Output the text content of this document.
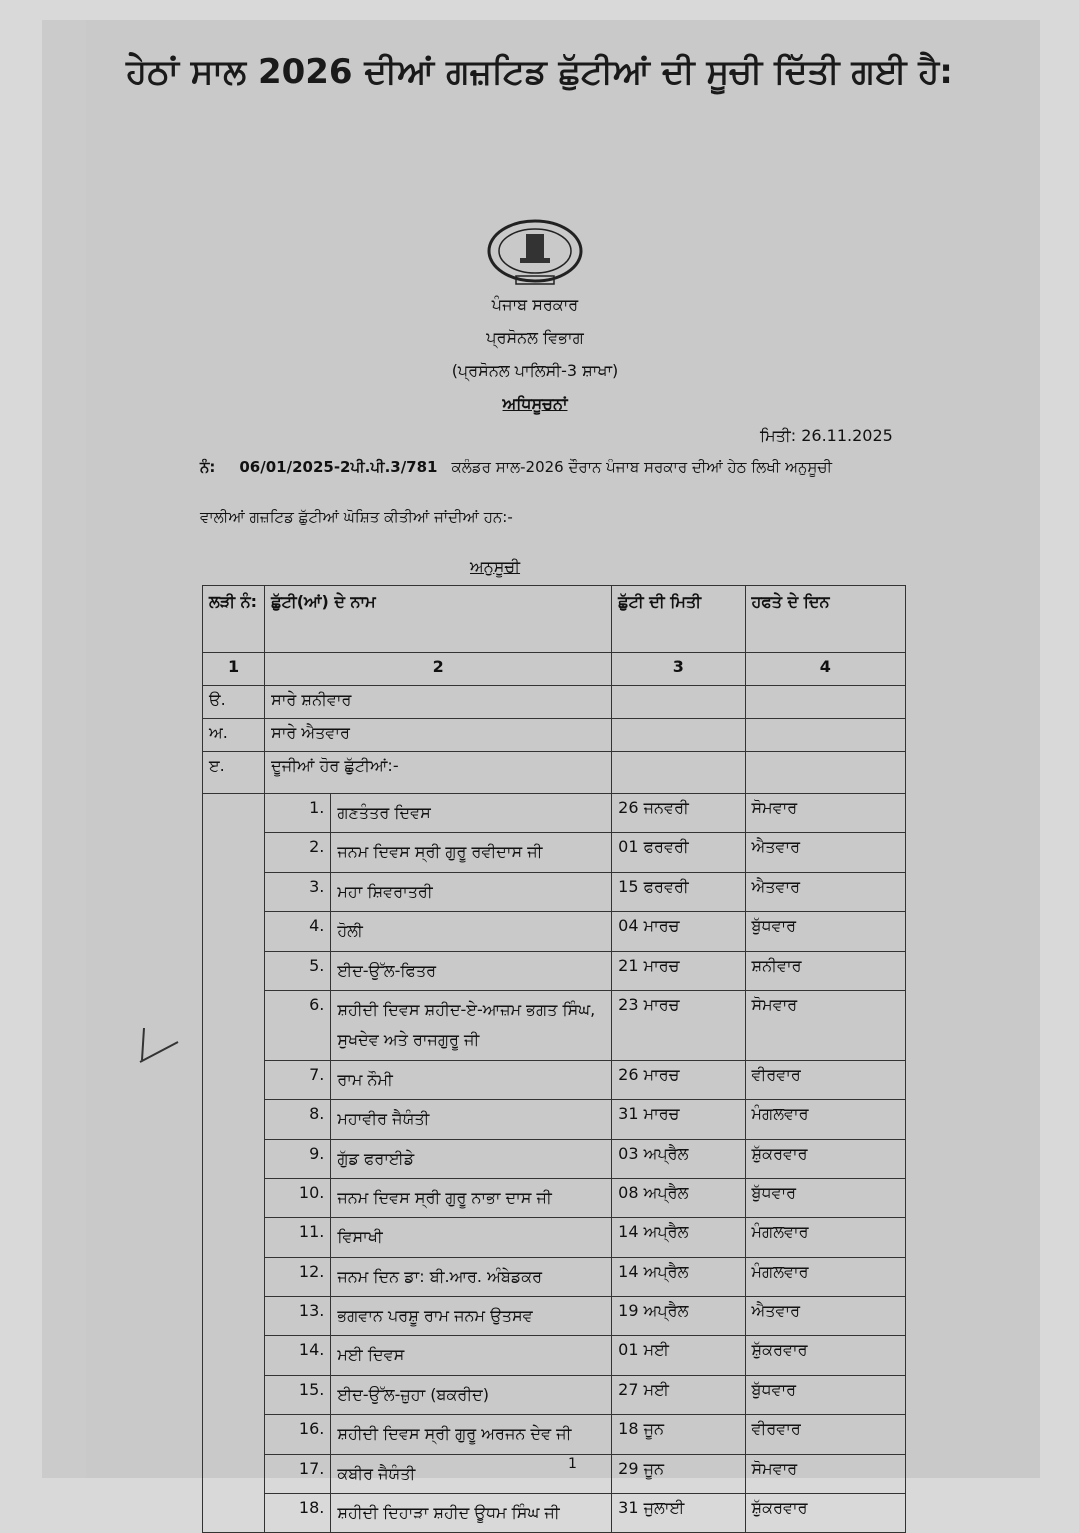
ਹੇਠਾਂ ਸਾਲ 2026 ਦੀਆਂ ਗਜ਼ਟਿਡ ਛੁੱਟੀਆਂ ਦੀ ਸੂਚੀ ਦਿੱਤੀ ਗਈ ਹੈ:
ਪੰਜਾਬ ਸਰਕਾਰ
ਪ੍ਰਸੋਨਲ ਵਿਭਾਗ
(ਪ੍ਰਸੋਨਲ ਪਾਲਿਸੀ-3 ਸ਼ਾਖਾ)
ਅਧਿਸੂਚਨਾਂ
ਮਿਤੀ: 26.11.2025
ਨੰ: 06/01/2025-2ਪੀ.ਪੀ.3/781 ਕਲੰਡਰ ਸਾਲ-2026 ਦੌਰਾਨ ਪੰਜਾਬ ਸਰਕਾਰ ਦੀਆਂ ਹੇਠ ਲਿਖੀ ਅਨੁਸੂਚੀ
ਵਾਲੀਆਂ ਗਜ਼ਟਿਡ ਛੁੱਟੀਆਂ ਘੋਸ਼ਿਤ ਕੀਤੀਆਂ ਜਾਂਦੀਆਂ ਹਨ:-
ਅਨੁਸੂਚੀ
ਲੜੀ ਨੰ:	ਛੁੱਟੀ(ਆਂ) ਦੇ ਨਾਮ		ਛੁੱਟੀ ਦੀ ਮਿਤੀ	ਹਫਤੇ ਦੇ ਦਿਨ
1	2		3	4
ੳ.	ਸਾਰੇ ਸ਼ਨੀਵਾਰ			
ਅ.	ਸਾਰੇ ਐਤਵਾਰ			
ੲ.	ਦੂਜੀਆਂ ਹੋਰ ਛੁੱਟੀਆਂ:-			
	1.	ਗਣਤੰਤਰ ਦਿਵਸ	26 ਜਨਵਰੀ	ਸੋਮਵਾਰ
	2.	ਜਨਮ ਦਿਵਸ ਸ੍ਰੀ ਗੁਰੂ ਰਵੀਦਾਸ ਜੀ	01 ਫਰਵਰੀ	ਐਤਵਾਰ
	3.	ਮਹਾ ਸ਼ਿਵਰਾਤਰੀ	15 ਫਰਵਰੀ	ਐਤਵਾਰ
	4.	ਹੋਲੀ	04 ਮਾਰਚ	ਬੁੱਧਵਾਰ
	5.	ਈਦ-ਉੱਲ-ਫਿਤਰ	21 ਮਾਰਚ	ਸ਼ਨੀਵਾਰ
	6.	ਸ਼ਹੀਦੀ ਦਿਵਸ ਸ਼ਹੀਦ-ਏ-ਆਜ਼ਮ ਭਗਤ ਸਿੰਘ, ਸੁਖਦੇਵ ਅਤੇ ਰਾਜਗੁਰੂ ਜੀ	23 ਮਾਰਚ	ਸੋਮਵਾਰ
	7.	ਰਾਮ ਨੌਮੀ	26 ਮਾਰਚ	ਵੀਰਵਾਰ
	8.	ਮਹਾਵੀਰ ਜੈਯੰਤੀ	31 ਮਾਰਚ	ਮੰਗਲਵਾਰ
	9.	ਗੁੱਡ ਫਰਾਈਡੇ	03 ਅਪ੍ਰੈਲ	ਸ਼ੁੱਕਰਵਾਰ
	10.	ਜਨਮ ਦਿਵਸ ਸ੍ਰੀ ਗੁਰੂ ਨਾਭਾ ਦਾਸ ਜੀ	08 ਅਪ੍ਰੈਲ	ਬੁੱਧਵਾਰ
	11.	ਵਿਸਾਖੀ	14 ਅਪ੍ਰੈਲ	ਮੰਗਲਵਾਰ
	12.	ਜਨਮ ਦਿਨ ਡਾ: ਬੀ.ਆਰ. ਅੰਬੇਡਕਰ	14 ਅਪ੍ਰੈਲ	ਮੰਗਲਵਾਰ
	13.	ਭਗਵਾਨ ਪਰਸ਼ੂ ਰਾਮ ਜਨਮ ਉਤਸਵ	19 ਅਪ੍ਰੈਲ	ਐਤਵਾਰ
	14.	ਮਈ ਦਿਵਸ	01 ਮਈ	ਸ਼ੁੱਕਰਵਾਰ
	15.	ਈਦ-ਉੱਲ-ਜ਼ੁਹਾ (ਬਕਰੀਦ)	27 ਮਈ	ਬੁੱਧਵਾਰ
	16.	ਸ਼ਹੀਦੀ ਦਿਵਸ ਸ੍ਰੀ ਗੁਰੂ ਅਰਜਨ ਦੇਵ ਜੀ	18 ਜੂਨ	ਵੀਰਵਾਰ
	17.	ਕਬੀਰ ਜੈਯੰਤੀ	29 ਜੂਨ	ਸੋਮਵਾਰ
	18.	ਸ਼ਹੀਦੀ ਦਿਹਾੜਾ ਸ਼ਹੀਦ ਊਧਮ ਸਿੰਘ ਜੀ	31 ਜੁਲਾਈ	ਸ਼ੁੱਕਰਵਾਰ
1
